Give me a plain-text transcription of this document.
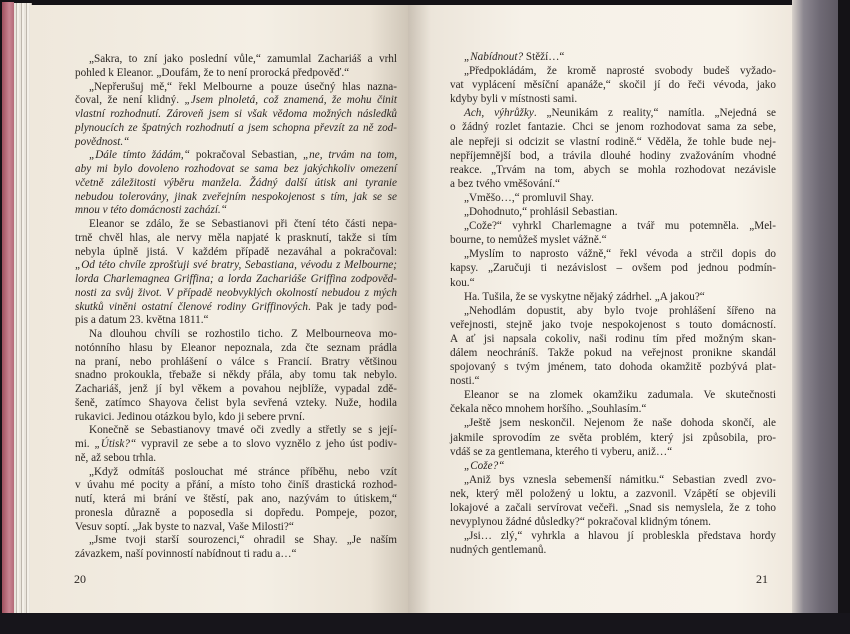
„Sakra, to zní jako poslední vůle,“ zamumlal Zachariáš a vrhl
pohled k Eleanor. „Doufám, že to není prorocká předpověď.“
„Nepřerušuj mě,“ řekl Melbourne a pouze úsečný hlas nazna-
čoval, že není klidný. „Jsem plnoletá, což znamená, že mohu činit
vlastní rozhodnutí. Zároveň jsem si však vědoma možných následků
plynoucích ze špatných rozhodnutí a jsem schopna převzít za ně zod-
povědnost.“
„Dále tímto žádám,“ pokračoval Sebastian, „ne, trvám na tom,
aby mi bylo dovoleno rozhodovat se sama bez jakýchkoliv omezení
včetně záležitosti výběru manžela. Žádný další útisk ani tyranie
nebudou tolerovány, jinak zveřejním nespokojenost s tím, jak se se
mnou v této domácnosti zachází.“
Eleanor se zdálo, že se Sebastianovi při čtení této části nepa-
trně chvěl hlas, ale nervy měla napjaté k prasknutí, takže si tím
nebyla úplně jistá. V každém případě nezaváhal a pokračoval:
„Od této chvíle zprošťuji své bratry, Sebastiana, vévodu z Melbourne;
lorda Charlemagnea Griffina; a lorda Zachariáše Griffina zodpověd-
nosti za svůj život. V případě neobvyklých okolností nebudou z mých
skutků viněni ostatní členové rodiny Griffinových. Pak je tady pod-
pis a datum 23. května 1811.“
Na dlouhou chvíli se rozhostilo ticho. Z Melbourneova mo-
notónního hlasu by Eleanor nepoznala, zda čte seznam prádla
na praní, nebo prohlášení o válce s Francií. Bratry většinou
snadno prokoukla, třebaže si někdy přála, aby tomu tak nebylo.
Zachariáš, jenž jí byl věkem a povahou nejblíže, vypadal zdě-
šeně, zatímco Shayova čelist byla sevřená vzteky. Nuže, hodila
rukavici. Jedinou otázkou bylo, kdo ji sebere první.
Konečně se Sebastianovy tmavé oči zvedly a střetly se s její-
mi. „Útisk?“ vypravil ze sebe a to slovo vyznělo z jeho úst podiv-
ně, až sebou trhla.
„Když odmítáš poslouchat mé stránce příběhu, nebo vzít
v úvahu mé pocity a přání, a místo toho činíš drastická rozhod-
nutí, která mi brání ve štěstí, pak ano, nazývám to útiskem,“
pronesla důrazně a poposedla si dopředu. Pompeje, pozor,
Vesuv soptí. „Jak byste to nazval, Vaše Milosti?“
„Jsme tvoji starší sourozenci,“ ohradil se Shay. „Je naším
závazkem, naší povinností nabídnout ti radu a…“
20
„Nabídnout? Stěží…“
„Předpokládám, že kromě naprosté svobody budeš vyžado-
vat vyplácení měsíční apanáže,“ skočil jí do řeči vévoda, jako
kdyby byli v místnosti sami.
Ach, výhrůžky. „Neunikám z reality,“ namítla. „Nejedná se
o žádný rozlet fantazie. Chci se jenom rozhodovat sama za sebe,
ale nepřeji si odcizit se vlastní rodině.“ Věděla, že tohle bude nej-
nepříjemnější bod, a trávila dlouhé hodiny zvažováním vhodné
reakce. „Trvám na tom, abych se mohla rozhodovat nezávisle
a bez tvého vměšování.“
„Vměšo…,“ promluvil Shay.
„Dohodnuto,“ prohlásil Sebastian.
„Cože?“ vyhrkl Charlemagne a tvář mu potemněla. „Mel-
bourne, to nemůžeš myslet vážně.“
„Myslím to naprosto vážně,“ řekl vévoda a strčil dopis do
kapsy. „Zaručuji ti nezávislost – ovšem pod jednou podmín-
kou.“
Ha. Tušila, že se vyskytne nějaký zádrhel. „A jakou?“
„Nehodlám dopustit, aby bylo tvoje prohlášení šířeno na
veřejnosti, stejně jako tvoje nespokojenost s touto domácností.
A ať jsi napsala cokoliv, naši rodinu tím před možným skan-
dálem neochráníš. Takže pokud na veřejnost pronikne skandál
spojovaný s tvým jménem, tato dohoda okamžitě pozbývá plat-
nosti.“
Eleanor se na zlomek okamžiku zadumala. Ve skutečnosti
čekala něco mnohem horšího. „Souhlasím.“
„Ještě jsem neskončil. Nejenom že naše dohoda skončí, ale
jakmile sprovodím ze světa problém, který jsi způsobila, pro-
vdáš se za gentlemana, kterého ti vyberu, aniž…“
„Cože?“
„Aniž bys vznesla sebemenší námitku.“ Sebastian zvedl zvo-
nek, který měl položený u loktu, a zazvonil. Vzápětí se objevili
lokajové a začali servírovat večeři. „Snad sis nemyslela, že z toho
nevyplynou žádné důsledky?“ pokračoval klidným tónem.
„Jsi… zlý,“ vyhrkla a hlavou jí probleskla představa hordy
nudných gentlemanů.
21
